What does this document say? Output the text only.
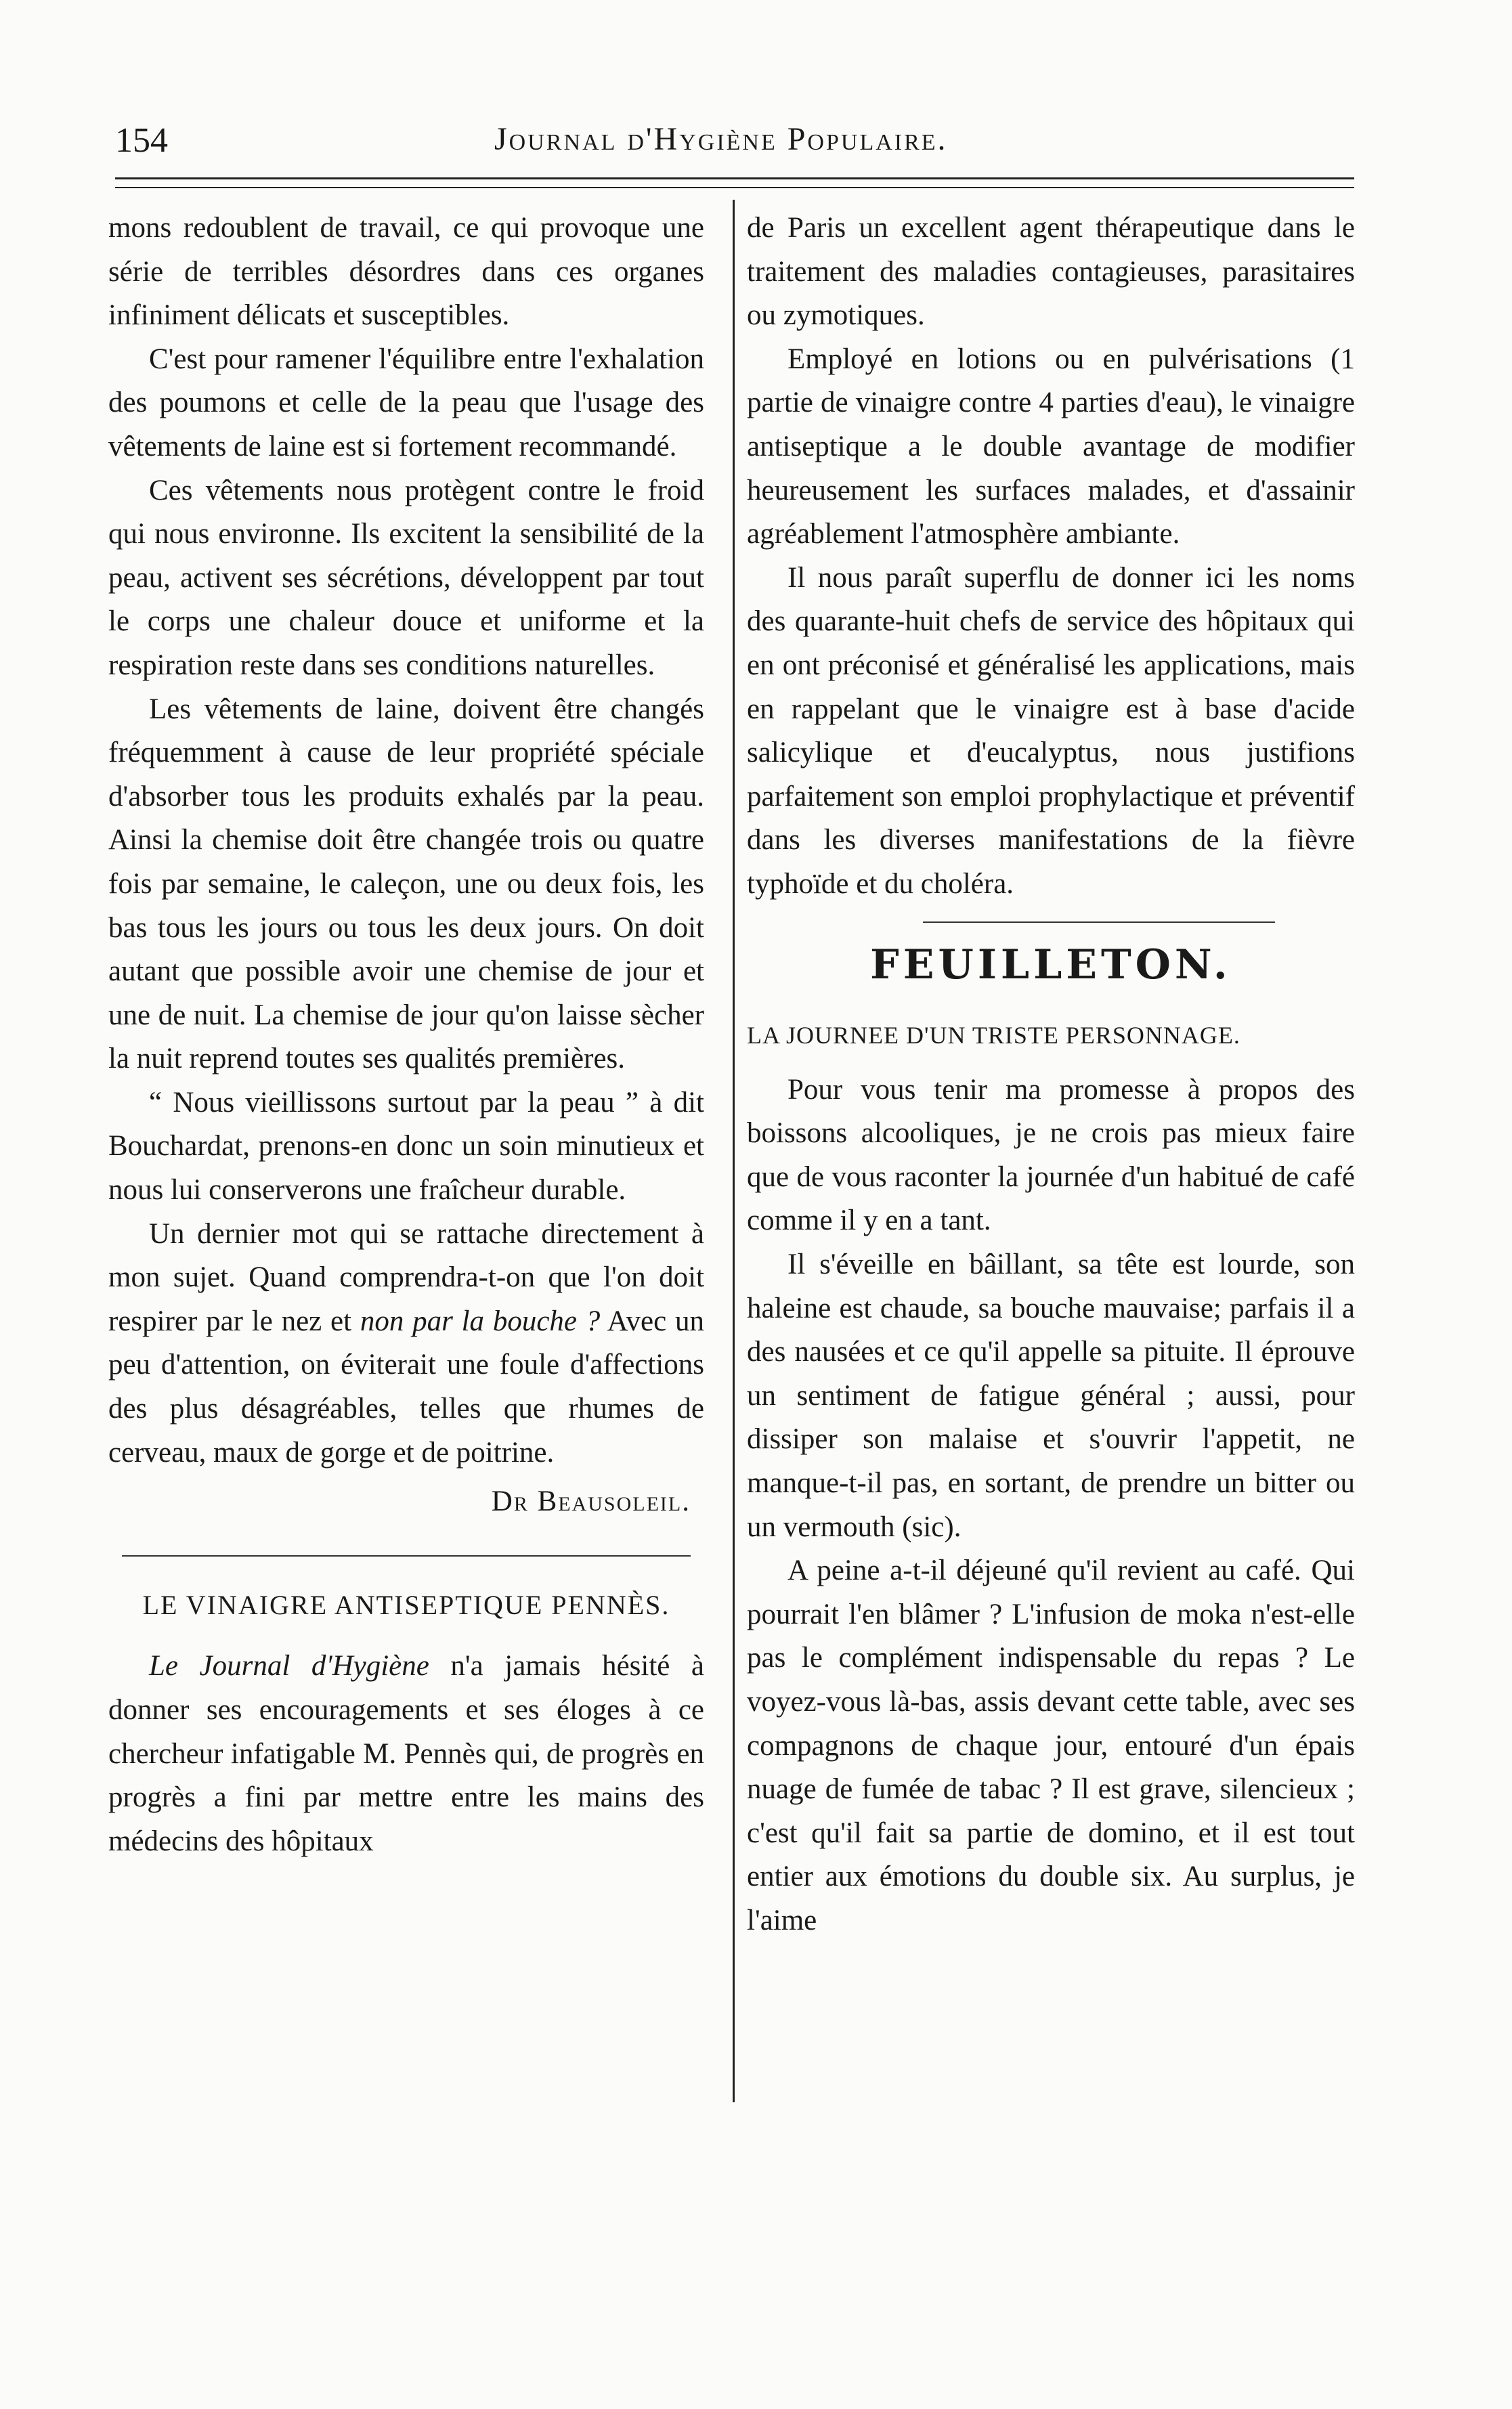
154	Journal d'Hygiène Populaire.

mons redoublent de travail, ce qui provoque une série de terribles désordres dans ces organes infiniment délicats et susceptibles.

C'est pour ramener l'équilibre entre l'exhalation des poumons et celle de la peau que l'usage des vêtements de laine est si fortement recommandé.

Ces vêtements nous protègent contre le froid qui nous environne. Ils excitent la sensibilité de la peau, activent ses sécrétions, développent par tout le corps une chaleur douce et uniforme et la respiration reste dans ses conditions naturelles.

Les vêtements de laine, doivent être changés fréquemment à cause de leur propriété spéciale d'absorber tous les produits exhalés par la peau. Ainsi la chemise doit être changée trois ou quatre fois par semaine, le caleçon, une ou deux fois, les bas tous les jours ou tous les deux jours. On doit autant que possible avoir une chemise de jour et une de nuit. La chemise de jour qu'on laisse sècher la nuit reprend toutes ses qualités premières.

“ Nous vieillissons surtout par la peau ” à dit Bouchardat, prenons-en donc un soin minutieux et nous lui conserverons une fraîcheur durable.

Un dernier mot qui se rattache directement à mon sujet. Quand comprendra-t-on que l'on doit respirer par le nez et non par la bouche ? Avec un peu d'attention, on éviterait une foule d'affections des plus désagréables, telles que rhumes de cerveau, maux de gorge et de poitrine.

Dr Beausoleil.
LE VINAIGRE ANTISEPTIQUE PENNÈS.

Le Journal d'Hygiène n'a jamais hésité à donner ses encouragements et ses éloges à ce chercheur infatigable M. Pennès qui, de progrès en progrès a fini par mettre entre les mains des médecins des hôpitaux

de Paris un excellent agent thérapeutique dans le traitement des maladies contagieuses, parasitaires ou zymotiques.

Employé en lotions ou en pulvérisations (1 partie de vinaigre contre 4 parties d'eau), le vinaigre antiseptique a le double avantage de modifier heureusement les surfaces malades, et d'assainir agréablement l'atmosphère ambiante.

Il nous paraît superflu de donner ici les noms des quarante-huit chefs de service des hôpitaux qui en ont préconisé et généralisé les applications, mais en rappelant que le vinaigre est à base d'acide salicylique et d'eucalyptus, nous justifions parfaitement son emploi prophylactique et préventif dans les diverses manifestations de la fièvre typhoïde et du choléra.

FEUILLETON.
LA JOURNEE D'UN TRISTE PERSONNAGE.

Pour vous tenir ma promesse à propos des boissons alcooliques, je ne crois pas mieux faire que de vous raconter la journée d'un habitué de café comme il y en a tant.

Il s'éveille en bâillant, sa tête est lourde, son haleine est chaude, sa bouche mauvaise; parfais il a des nausées et ce qu'il appelle sa pituite. Il éprouve un sentiment de fatigue général ; aussi, pour dissiper son malaise et s'ouvrir l'appetit, ne manque-t-il pas, en sortant, de prendre un bitter ou un vermouth (sic).

A peine a-t-il déjeuné qu'il revient au café. Qui pourrait l'en blâmer ? L'infusion de moka n'est-elle pas le complément indispensable du repas ? Le voyez-vous là-bas, assis devant cette table, avec ses compagnons de chaque jour, entouré d'un épais nuage de fumée de tabac ? Il est grave, silencieux ; c'est qu'il fait sa partie de domino, et il est tout entier aux émotions du double six. Au surplus, je l'aime
